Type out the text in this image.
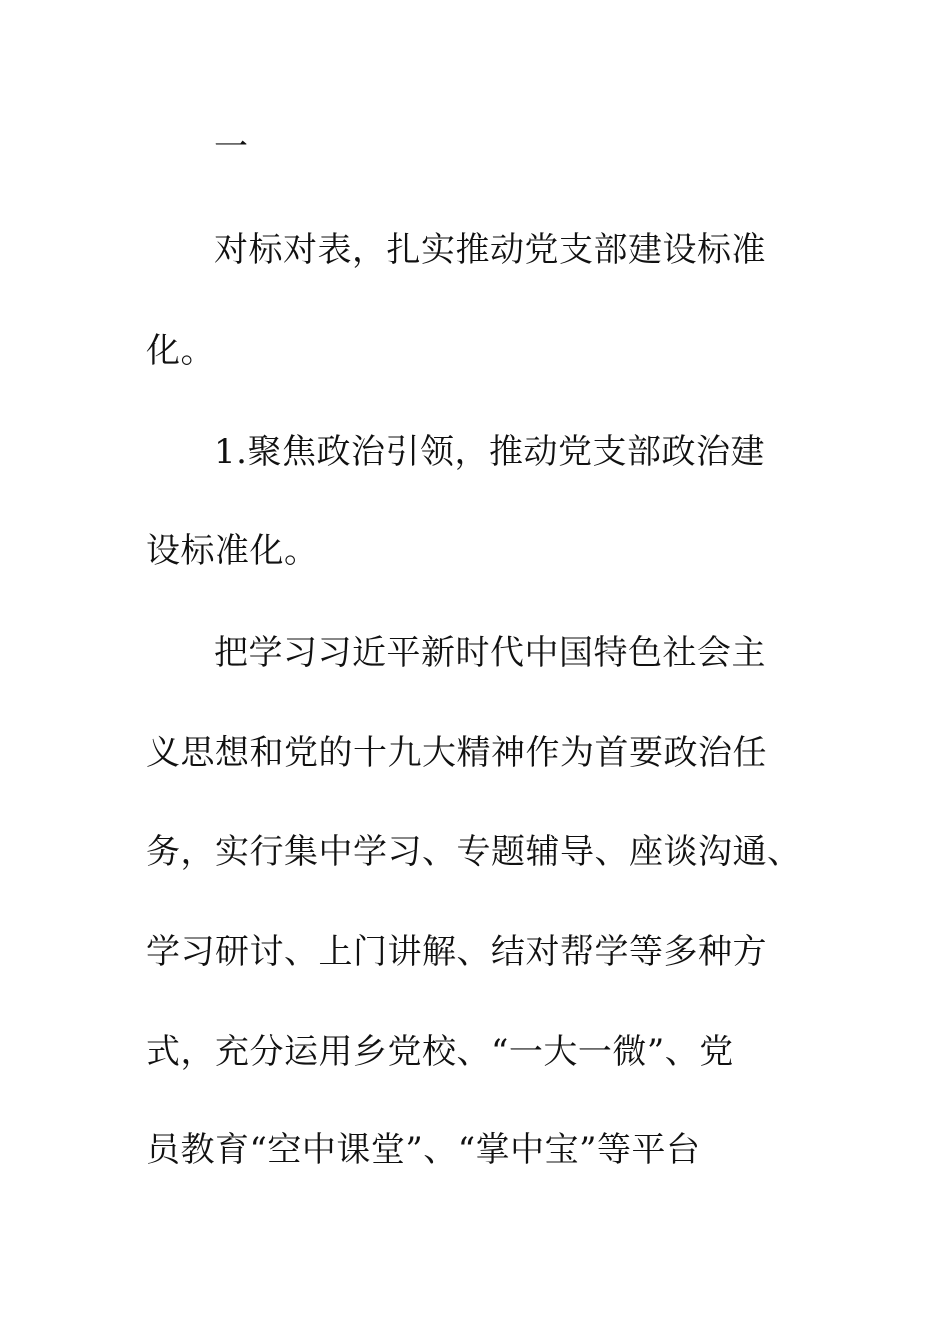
一
对标对表，扎实推动党支部建设标准
化。
1.聚焦政治引领，推动党支部政治建
设标准化。
把学习习近平新时代中国特色社会主
义思想和党的十九大精神作为首要政治任
务，实行集中学习、专题辅导、座谈沟通、
学习研讨、上门讲解、结对帮学等多种方
式，充分运用乡党校、“一大一微”、党
员教育“空中课堂”、“掌中宝”等平台
